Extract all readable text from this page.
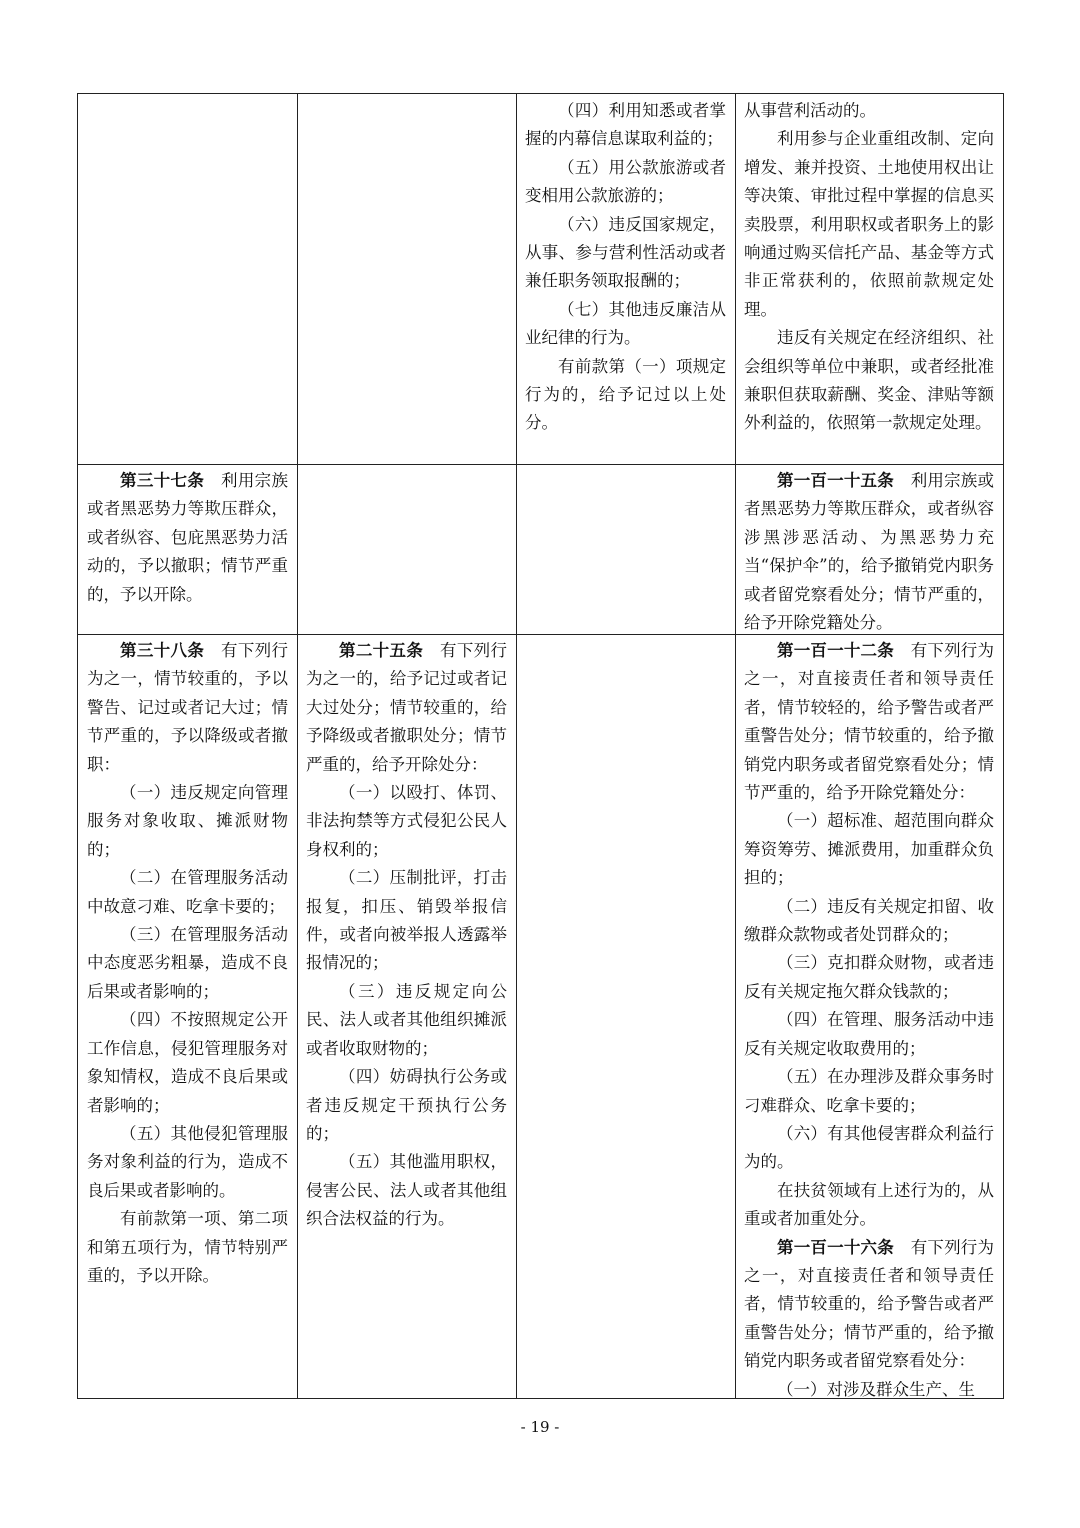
（四）利用知悉或者掌握的内幕信息谋取利益的；

（五）用公款旅游或者变相用公款旅游的；

（六）违反国家规定，从事、参与营利性活动或者兼任职务领取报酬的；

（七）其他违反廉洁从业纪律的行为。

有前款第（一）项规定行为的，给予记过以上处分。

从事营利活动的。

利用参与企业重组改制、定向增发、兼并投资、土地使用权出让等决策、审批过程中掌握的信息买卖股票，利用职权或者职务上的影响通过购买信托产品、基金等方式非正常获利的，依照前款规定处理。

违反有关规定在经济组织、社会组织等单位中兼职，或者经批准兼职但获取薪酬、奖金、津贴等额外利益的，依照第一款规定处理。

第三十七条　 利用宗族或者黑恶势力等欺压群众，或者纵容、包庇黑恶势力活动的，予以撤职；情节严重的，予以开除。

第一百一十五条　 利用宗族或者黑恶势力等欺压群众，或者纵容涉黑涉恶活动、为黑恶势力充当“保护伞”的，给予撤销党内职务或者留党察看处分；情节严重的，给予开除党籍处分。

第三十八条　 有下列行为之一，情节较重的，予以警告、记过或者记大过；情节严重的，予以降级或者撤职：

（一）违反规定向管理服务对象收取、摊派财物的；

（二）在管理服务活动中故意刁难、吃拿卡要的；

（三）在管理服务活动中态度恶劣粗暴，造成不良后果或者影响的；

（四）不按照规定公开工作信息，侵犯管理服务对象知情权，造成不良后果或者影响的；

（五）其他侵犯管理服务对象利益的行为，造成不良后果或者影响的。

有前款第一项、第二项和第五项行为，情节特别严重的，予以开除。

第二十五条　 有下列行为之一的，给予记过或者记大过处分；情节较重的，给予降级或者撤职处分；情节严重的，给予开除处分：

（一）以殴打、体罚、非法拘禁等方式侵犯公民人身权利的；

（二）压制批评，打击报复，扣压、销毁举报信件，或者向被举报人透露举报情况的；

（三）违反规定向公民、法人或者其他组织摊派或者收取财物的；

（四）妨碍执行公务或者违反规定干预执行公务的；

（五）其他滥用职权，侵害公民、法人或者其他组织合法权益的行为。

第一百一十二条　 有下列行为之一，对直接责任者和领导责任者，情节较轻的，给予警告或者严重警告处分；情节较重的，给予撤销党内职务或者留党察看处分；情节严重的，给予开除党籍处分：

（一）超标准、超范围向群众筹资筹劳、摊派费用，加重群众负担的；

（二）违反有关规定扣留、收缴群众款物或者处罚群众的；

（三）克扣群众财物，或者违反有关规定拖欠群众钱款的；

（四）在管理、服务活动中违反有关规定收取费用的；

（五）在办理涉及群众事务时刁难群众、吃拿卡要的；

（六）有其他侵害群众利益行为的。

在扶贫领域有上述行为的，从重或者加重处分。

第一百一十六条　 有下列行为之一，对直接责任者和领导责任者，情节较重的，给予警告或者严重警告处分；情节严重的，给予撤销党内职务或者留党察看处分：

（一）对涉及群众生产、生

- 19 -
